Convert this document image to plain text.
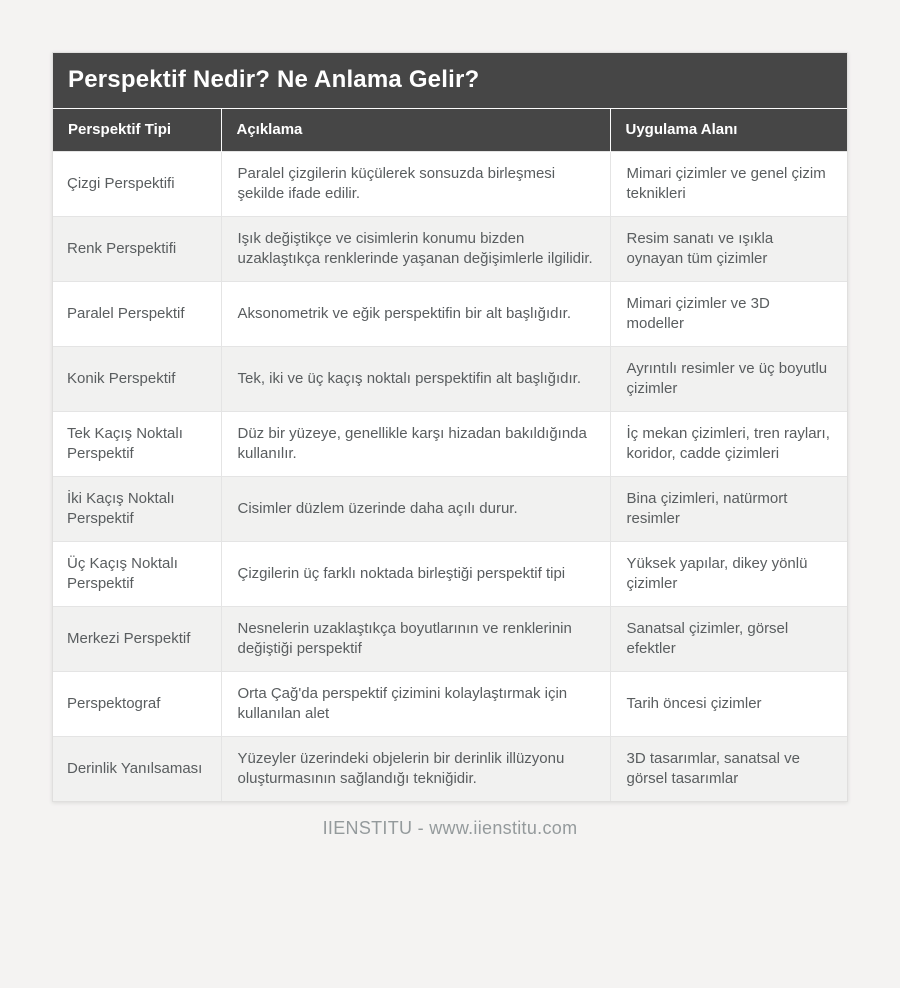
Perspektif Nedir? Ne Anlama Gelir?
Perspektif Tipi	Açıklama	Uygulama Alanı
Çizgi Perspektifi	Paralel çizgilerin küçülerek sonsuzda birleşmesi şekilde ifade edilir.	Mimari çizimler ve genel çizim teknikleri
Renk Perspektifi	Işık değiştikçe ve cisimlerin konumu bizden uzaklaştıkça renklerinde yaşanan değişimlerle ilgilidir.	Resim sanatı ve ışıkla oynayan tüm çizimler
Paralel Perspektif	Aksonometrik ve eğik perspektifin bir alt başlığıdır.	Mimari çizimler ve 3D modeller
Konik Perspektif	Tek, iki ve üç kaçış noktalı perspektifin alt başlığıdır.	Ayrıntılı resimler ve üç boyutlu çizimler
Tek Kaçış Noktalı Perspektif	Düz bir yüzeye, genellikle karşı hizadan bakıldığında kullanılır.	İç mekan çizimleri, tren rayları, koridor, cadde çizimleri
İki Kaçış Noktalı Perspektif	Cisimler düzlem üzerinde daha açılı durur.	Bina çizimleri, natürmort resimler
Üç Kaçış Noktalı Perspektif	Çizgilerin üç farklı noktada birleştiği perspektif tipi	Yüksek yapılar, dikey yönlü çizimler
Merkezi Perspektif	Nesnelerin uzaklaştıkça boyutlarının ve renklerinin değiştiği perspektif	Sanatsal çizimler, görsel efektler
Perspektograf	Orta Çağ'da perspektif çizimini kolaylaştırmak için kullanılan alet	Tarih öncesi çizimler
Derinlik Yanılsaması	Yüzeyler üzerindeki objelerin bir derinlik illüzyonu oluşturmasının sağlandığı tekniğidir.	3D tasarımlar, sanatsal ve görsel tasarımlar
IIENSTITU - www.iienstitu.com
